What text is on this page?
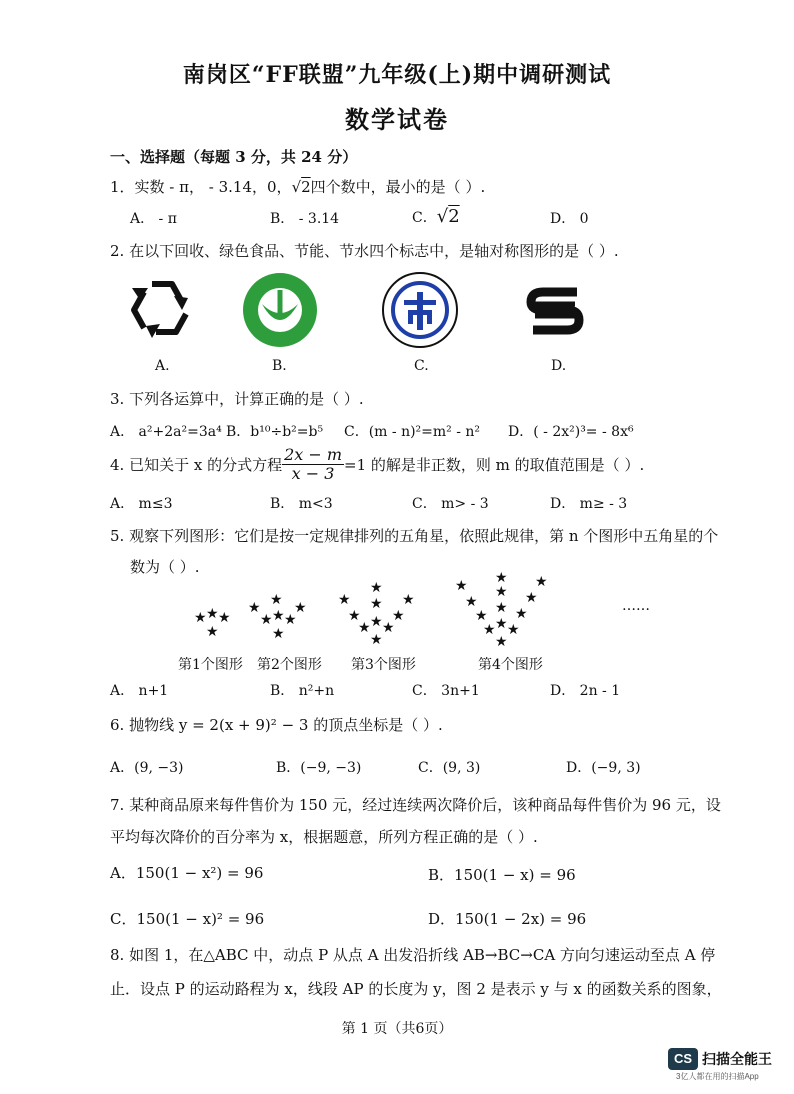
南岗区“FF联盟”九年级(上)期中调研测试
数学试卷
一、选择题（每题 3 分，共 24 分）
1．实数 - π， - 3.14，0，√2四个数中，最小的是（ ）.
A． - π	B． - 3.14	C．√2	D． 0
2. 在以下回收、绿色食品、节能、节水四个标志中，是轴对称图形的是（ ）.
A.	B.	C.	D.
3. 下列各运算中，计算正确的是（ ）.
A． a²+2a²=3a⁴ B．b¹⁰÷b²=b⁵ C．(m - n)²=m² - n² D．( - 2x²)³= - 8x⁶
4. 已知关于 x 的分式方程 $\frac{2x - m}{x - 3} =1$ 的解是非正数，则 m 的取值范围是（ ）.
A． m≤3	B． m<3	C． m> - 3	D． m≥ - 3
5. 观察下列图形：它们是按一定规律排列的五角星，依照此规律，第 n 个图形中五角星的个
数为（ ）.
★ ★ ★
★
★ ★ ★
★ ★ ★
★
★
★
★
★
★
★
★ ★ ★
★
★ ★ ★
★
★ ★
★ ★ ★
★ ★ ★
★
……
第1个图形 第2个图形 第3个图形	第4个图形
A． n+1	B． n²+n	C． 3n+1	D． 2n - 1
6. 抛物线 y = 2(x + 9)² − 3 的顶点坐标是（ ）.
A．(9, −3)	B．(−9, −3)	C．(9, 3)	D．(−9, 3)
7. 某种商品原来每件售价为 150 元，经过连续两次降价后，该种商品每件售价为 96 元，设
平均每次降价的百分率为 x，根据题意，所列方程正确的是（ ）.
A．150(1 − x²) = 96	B．150(1 − x) = 96
C．150(1 − x)² = 96	D．150(1 − 2x) = 96
8. 如图 1，在△ABC 中，动点 P 从点 A 出发沿折线 AB→BC→CA 方向匀速运动至点 A 停
止．设点 P 的运动路程为 x，线段 AP 的长度为 y，图 2 是表示 y 与 x 的函数关系的图象，
第 1 页（共6页）
CS 扫描全能王
3亿人都在用的扫描App
